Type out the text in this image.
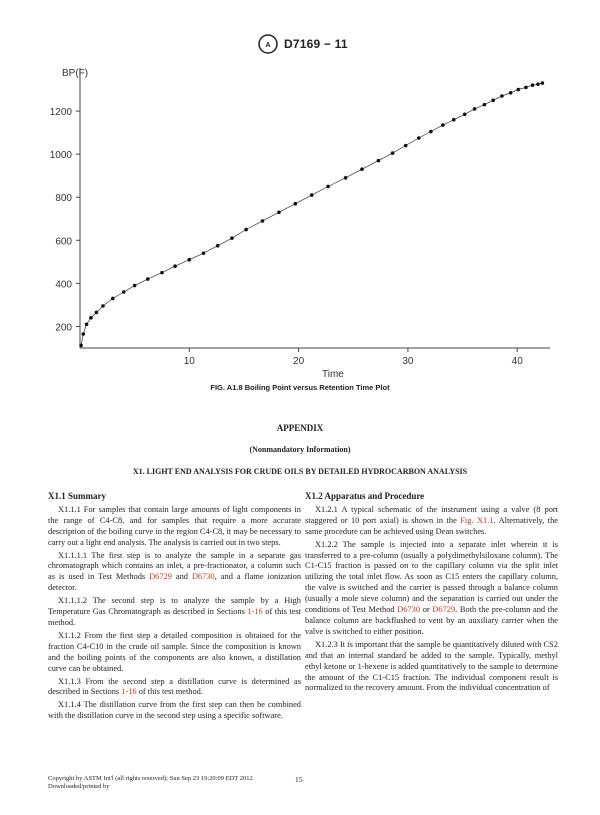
A D7169 − 11
BP(F)
Time
10	20	30	40
200
400
600
800
1000
1200
FIG. A1.8 Boiling Point versus Retention Time Plot
APPENDIX
(Nonmandatory Information)
X1. LIGHT END ANALYSIS FOR CRUDE OILS BY DETAILED HYDROCARBON ANALYSIS
X1.1 Summary

X1.1.1 For samples that contain large amounts of light components in the range of C4-C8, and for samples that require a more accurate description of the boiling curve in the region C4-C8, it may be necessary to carry out a light end analysis. The analysis is carried out in two steps.

X1.1.1.1 The first step is to analyze the sample in a separate gas chromatograph which contains an inlet, a pre-fractionator, a column such as is used in Test Methods D6729 and D6730, and a flame ionization detector.

X1.1.1.2 The second step is to analyze the sample by a High Temperature Gas Chromatograph as described in Sections 1-16 of this test method.

X1.1.2 From the first step a detailed composition is obtained for the fraction C4-C10 in the crude oil sample. Since the composition is known and the boiling points of the components are also known, a distillation curve can be obtained.

X1.1.3 From the second step a distillation curve is determined as described in Sections 1-16 of this test method.

X1.1.4 The distillation curve from the first step can then be combined with the distillation curve in the second step using a specific software.

X1.2 Apparatus and Procedure

X1.2.1 A typical schematic of the instrument using a valve (8 port staggered or 10 port axial) is shown in the Fig. X1.1. Alternatively, the same procedure can be achieved using Dean switches.

X1.2.2 The sample is injected into a separate inlet wherein it is transferred to a pre-column (usually a polydimethylsiloxane column). The C1-C15 fraction is passed on to the capillary column via the split inlet utilizing the total inlet flow. As soon as C15 enters the capillary column, the valve is switched and the carrier is passed through a balance column (usually a mole sieve column) and the separation is carried out under the conditions of Test Method D6730 or D6729. Both the pre-column and the balance column are backflushed to vent by an auxiliary carrier when the valve is switched to either position.

X1.2.3 It is important that the sample be quantitatively diluted with CS2 and that an internal standard be added to the sample. Typically, methyl ethyl ketone or 1-hexene is added quantitatively to the sample to determine the amount of the C1-C15 fraction. The individual component result is normalized to the recovery amount. From the individual concentration of

Copyright by ASTM Int'l (all rights reserved); Sun Sep 23 19:20:09 EDT 2012
Downloaded/printed by
15
